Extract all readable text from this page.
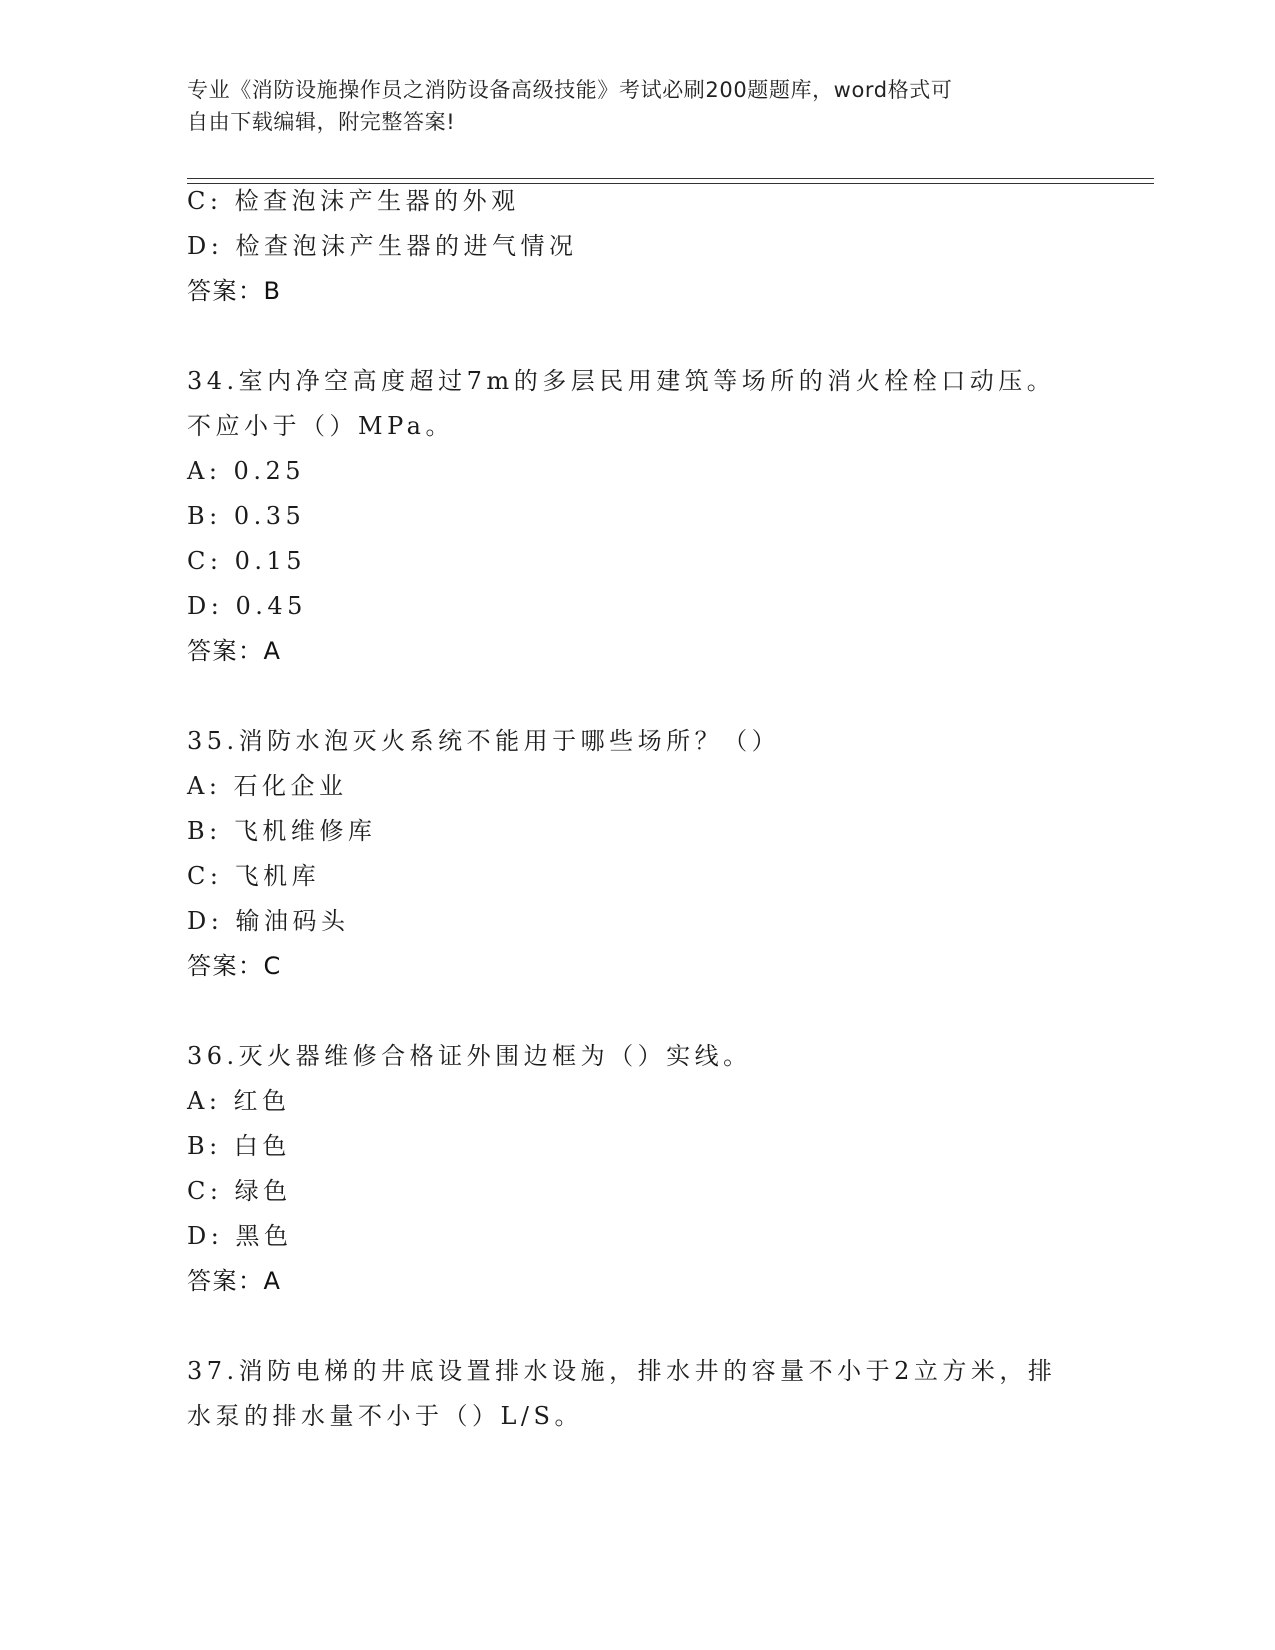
专业《消防设施操作员之消防设备高级技能》考试必刷200题题库，word格式可
自由下载编辑，附完整答案!
C: 检查泡沫产生器的外观
D: 检查泡沫产生器的进气情况
答案：B
34.室内净空高度超过7m的多层民用建筑等场所的消火栓栓口动压。
不应小于（）MPa。
A: 0.25
B: 0.35
C: 0.15
D: 0.45
答案：A
35.消防水泡灭火系统不能用于哪些场所？（）
A: 石化企业
B: 飞机维修库
C: 飞机库
D: 输油码头
答案：C
36.灭火器维修合格证外围边框为（）实线。
A: 红色
B: 白色
C: 绿色
D: 黑色
答案：A
37.消防电梯的井底设置排水设施，排水井的容量不小于2立方米，排
水泵的排水量不小于（）L/S。
